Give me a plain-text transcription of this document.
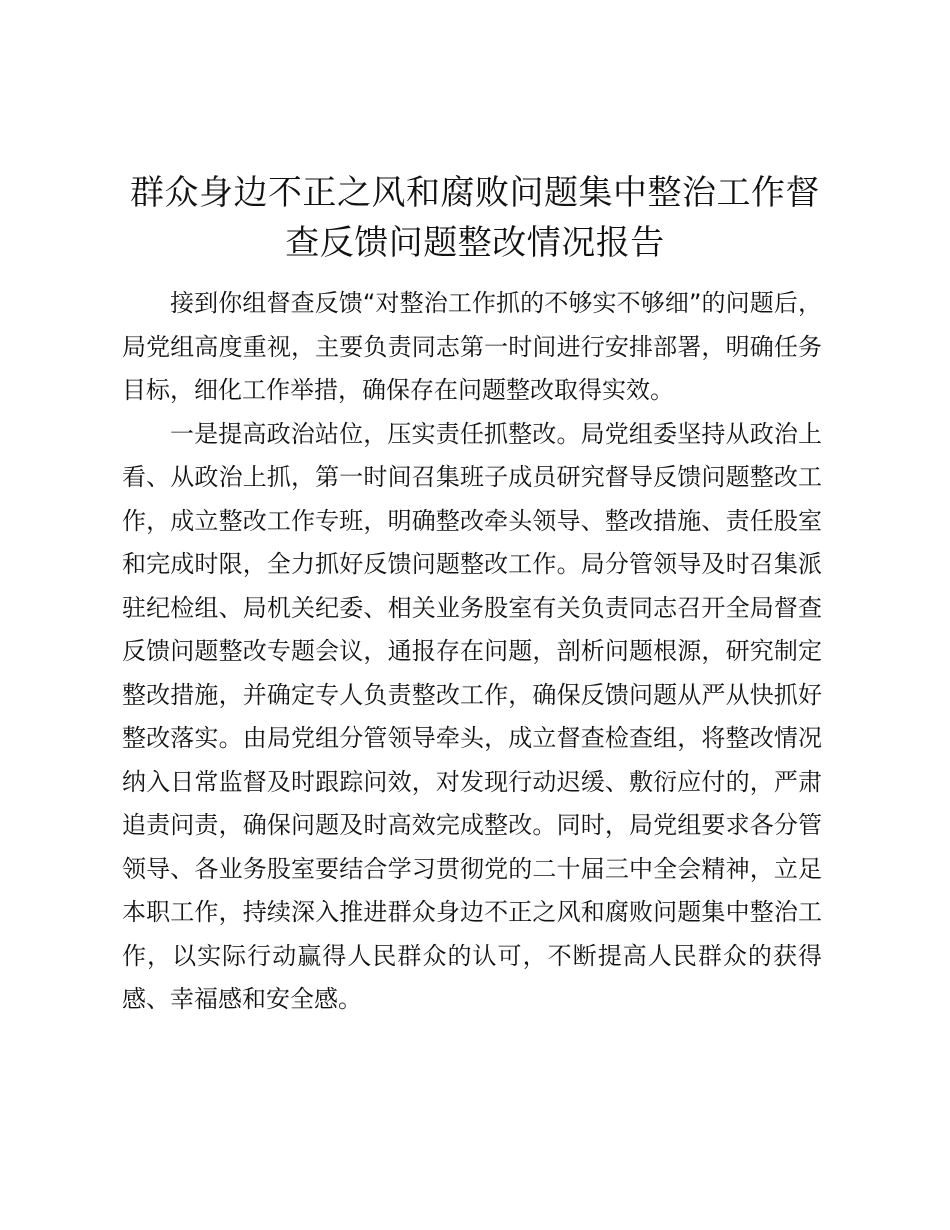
群众身边不正之风和腐败问题集中整治工作督查反馈问题整改情况报告

接到你组督查反馈“对整治工作抓的不够实不够细”的问题后，局党组高度重视，主要负责同志第一时间进行安排部署，明确任务目标，细化工作举措，确保存在问题整改取得实效。

一是提高政治站位，压实责任抓整改。局党组委坚持从政治上看、从政治上抓，第一时间召集班子成员研究督导反馈问题整改工作，成立整改工作专班，明确整改牵头领导、整改措施、责任股室和完成时限，全力抓好反馈问题整改工作。局分管领导及时召集派驻纪检组、局机关纪委、相关业务股室有关负责同志召开全局督查反馈问题整改专题会议，通报存在问题，剖析问题根源，研究制定整改措施，并确定专人负责整改工作，确保反馈问题从严从快抓好整改落实。由局党组分管领导牵头，成立督查检查组，将整改情况纳入日常监督及时跟踪问效，对发现行动迟缓、敷衍应付的，严肃追责问责，确保问题及时高效完成整改。同时，局党组要求各分管领导、各业务股室要结合学习贯彻党的二十届三中全会精神，立足本职工作，持续深入推进群众身边不正之风和腐败问题集中整治工作，以实际行动赢得人民群众的认可，不断提高人民群众的获得感、幸福感和安全感。
